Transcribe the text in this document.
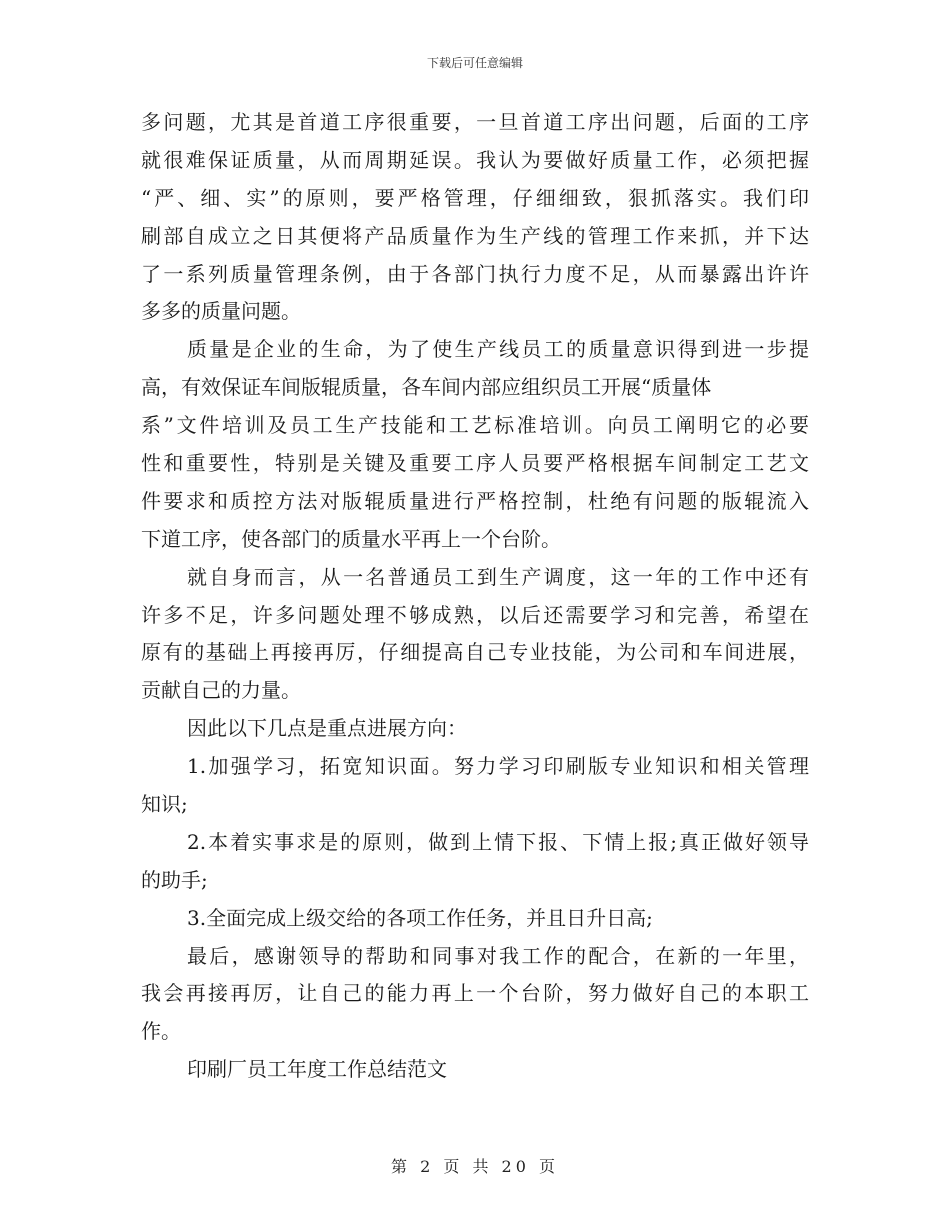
下载后可任意编辑
多问题，尤其是首道工序很重要，一旦首道工序出问题，后面的工序
就很难保证质量，从而周期延误。我认为要做好质量工作，必须把握
“严、细、实”的原则，要严格管理，仔细细致，狠抓落实。我们印
刷部自成立之日其便将产品质量作为生产线的管理工作来抓，并下达
了一系列质量管理条例，由于各部门执行力度不足，从而暴露出许许
多多的质量问题。
质量是企业的生命，为了使生产线员工的质量意识得到进一步提
高，有效保证车间版辊质量，各车间内部应组织员工开展“质量体
系”文件培训及员工生产技能和工艺标准培训。向员工阐明它的必要
性和重要性，特别是关键及重要工序人员要严格根据车间制定工艺文
件要求和质控方法对版辊质量进行严格控制，杜绝有问题的版辊流入
下道工序，使各部门的质量水平再上一个台阶。
就自身而言，从一名普通员工到生产调度，这一年的工作中还有
许多不足，许多问题处理不够成熟，以后还需要学习和完善，希望在
原有的基础上再接再厉，仔细提高自己专业技能，为公司和车间进展，
贡献自己的力量。
因此以下几点是重点进展方向：
1.加强学习，拓宽知识面。努力学习印刷版专业知识和相关管理
知识;
2.本着实事求是的原则，做到上情下报、下情上报;真正做好领导
的助手;
3.全面完成上级交给的各项工作任务，并且日升日高;
最后，感谢领导的帮助和同事对我工作的配合，在新的一年里，
我会再接再厉，让自己的能力再上一个台阶，努力做好自己的本职工
作。
印刷厂员工年度工作总结范文
第 2 页 共 20 页
